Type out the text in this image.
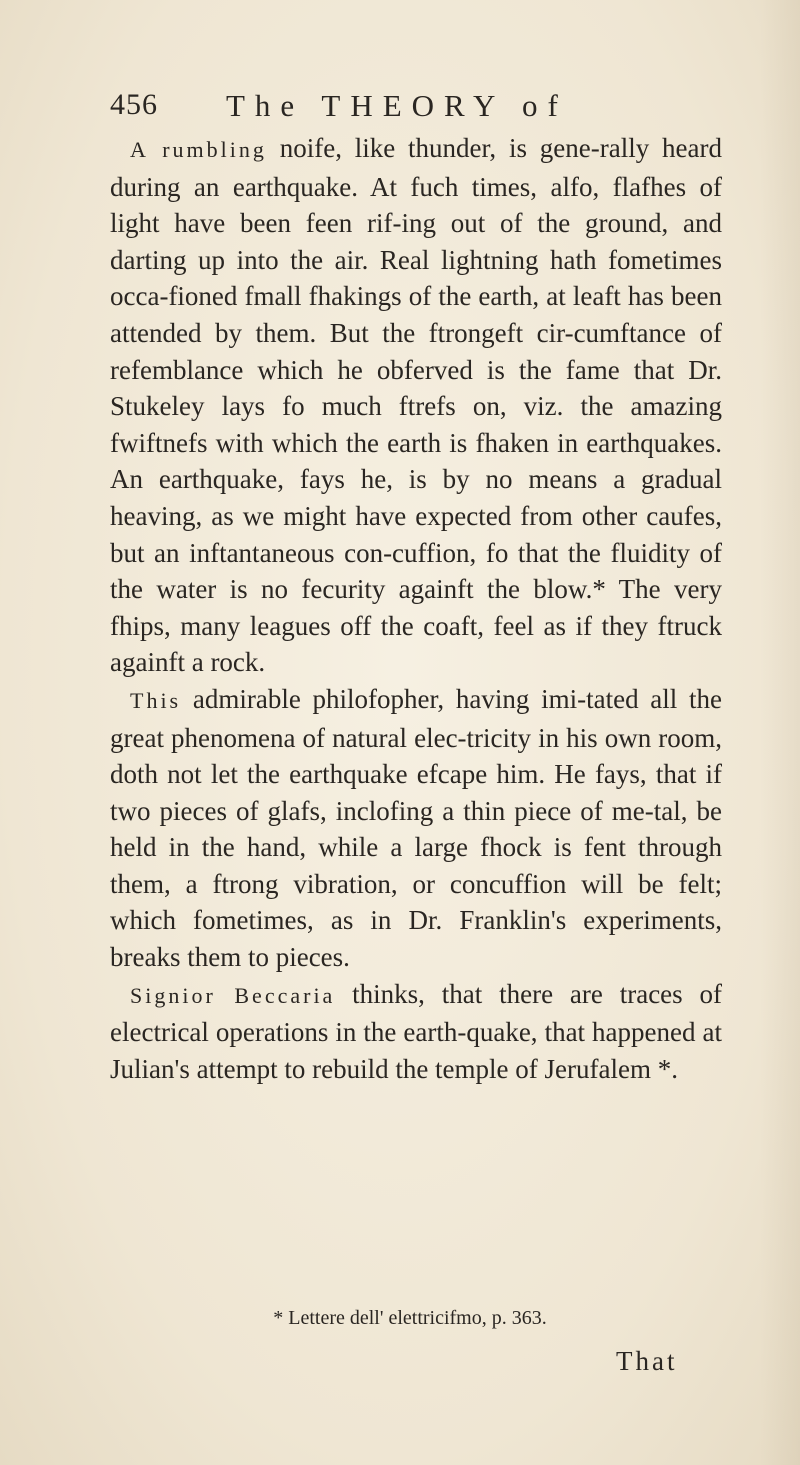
456 The THEORY of

A rumbling noife, like thunder, is gene-rally heard during an earthquake. At fuch times, alfo, flafhes of light have been feen rif-ing out of the ground, and darting up into the air. Real lightning hath fometimes occa-fioned fmall fhakings of the earth, at leaft has been attended by them. But the ftrongeft cir-cumftance of refemblance which he obferved is the fame that Dr. Stukeley lays fo much ftrefs on, viz. the amazing fwiftnefs with which the earth is fhaken in earthquakes. An earthquake, fays he, is by no means a gradual heaving, as we might have expected from other caufes, but an inftantaneous con-cuffion, fo that the fluidity of the water is no fecurity againft the blow.* The very fhips, many leagues off the coaft, feel as if they ftruck againft a rock.

This admirable philofopher, having imi-tated all the great phenomena of natural elec-tricity in his own room, doth not let the earthquake efcape him. He fays, that if two pieces of glafs, inclofing a thin piece of me-tal, be held in the hand, while a large fhock is fent through them, a ftrong vibration, or concuffion will be felt; which fometimes, as in Dr. Franklin's experiments, breaks them to pieces.

Signior Beccaria thinks, that there are traces of electrical operations in the earth-quake, that happened at Julian's attempt to rebuild the temple of Jerufalem *.

* Lettere dell' elettricifmo, p. 363.
That
